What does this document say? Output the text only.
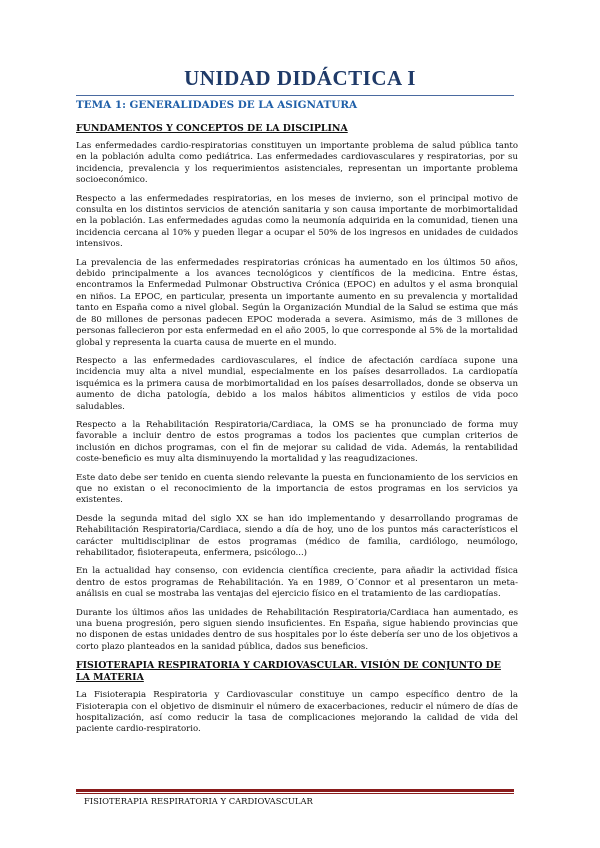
UNIDAD DIDÁCTICA I
TEMA 1: GENERALIDADES DE LA ASIGNATURA
FUNDAMENTOS Y CONCEPTOS DE LA DISCIPLINA

Las enfermedades cardio-respiratorias constituyen un importante problema de salud pública tanto en la población adulta como pediátrica. Las enfermedades cardiovasculares y respiratorias, por su incidencia, prevalencia y los requerimientos asistenciales, representan un importante problema socioeconómico.

Respecto a las enfermedades respiratorias, en los meses de invierno, son el principal motivo de consulta en los distintos servicios de atención sanitaria y son causa importante de morbimortalidad en la población. Las enfermedades agudas como la neumonía adquirida en la comunidad, tienen una incidencia cercana al 10% y pueden llegar a ocupar el 50% de los ingresos en unidades de cuidados intensivos.

La prevalencia de las enfermedades respiratorias crónicas ha aumentado en los últimos 50 años, debido principalmente a los avances tecnológicos y científicos de la medicina. Entre éstas, encontramos la Enfermedad Pulmonar Obstructiva Crónica (EPOC) en adultos y el asma bronquial en niños. La EPOC, en particular, presenta un importante aumento en su prevalencia y mortalidad tanto en España como a nivel global. Según la Organización Mundial de la Salud se estima que más de 80 millones de personas padecen EPOC moderada a severa. Asimismo, más de 3 millones de personas fallecieron por esta enfermedad en el año 2005, lo que corresponde al 5% de la mortalidad global y representa la cuarta causa de muerte en el mundo.

Respecto a las enfermedades cardiovasculares, el índice de afectación cardíaca supone una incidencia muy alta a nivel mundial, especialmente en los países desarrollados. La cardiopatía isquémica es la primera causa de morbimortalidad en los países desarrollados, donde se observa un aumento de dicha patología, debido a los malos hábitos alimenticios y estilos de vida poco saludables.

Respecto a la Rehabilitación Respiratoria/Cardiaca, la OMS se ha pronunciado de forma muy favorable a incluir dentro de estos programas a todos los pacientes que cumplan criterios de inclusión en dichos programas, con el fin de mejorar su calidad de vida. Además, la rentabilidad coste-beneficio es muy alta disminuyendo la mortalidad y las reagudizaciones.

Este dato debe ser tenido en cuenta siendo relevante la puesta en funcionamiento de los servicios en que no existan o el reconocimiento de la importancia de estos programas en los servicios ya existentes.

Desde la segunda mitad del siglo XX se han ido implementando y desarrollando programas de Rehabilitación Respiratoria/Cardiaca, siendo a día de hoy, uno de los puntos más característicos el carácter multidisciplinar de estos programas (médico de familia, cardiólogo, neumólogo, rehabilitador, fisioterapeuta, enfermera, psicólogo...)

En la actualidad hay consenso, con evidencia científica creciente, para añadir la actividad física dentro de estos programas de Rehabilitación. Ya en 1989, O´Connor et al presentaron un meta-análisis en cual se mostraba las ventajas del ejercicio físico en el tratamiento de las cardiopatías.

Durante los últimos años las unidades de Rehabilitación Respiratoria/Cardiaca han aumentado, es una buena progresión, pero siguen siendo insuficientes. En España, sigue habiendo provincias que no disponen de estas unidades dentro de sus hospitales por lo éste debería ser uno de los objetivos a corto plazo planteados en la sanidad pública, dados sus beneficios.

FISIOTERAPIA RESPIRATORIA Y CARDIOVASCULAR. VISIÓN DE CONJUNTO DE LA MATERIA

La Fisioterapia Respiratoria y Cardiovascular constituye un campo específico dentro de la Fisioterapia con el objetivo de disminuir el número de exacerbaciones, reducir el número de días de hospitalización, así como reducir la tasa de complicaciones mejorando la calidad de vida del paciente cardio-respiratorio.

FISIOTERAPIA RESPIRATORIA Y CARDIOVASCULAR
